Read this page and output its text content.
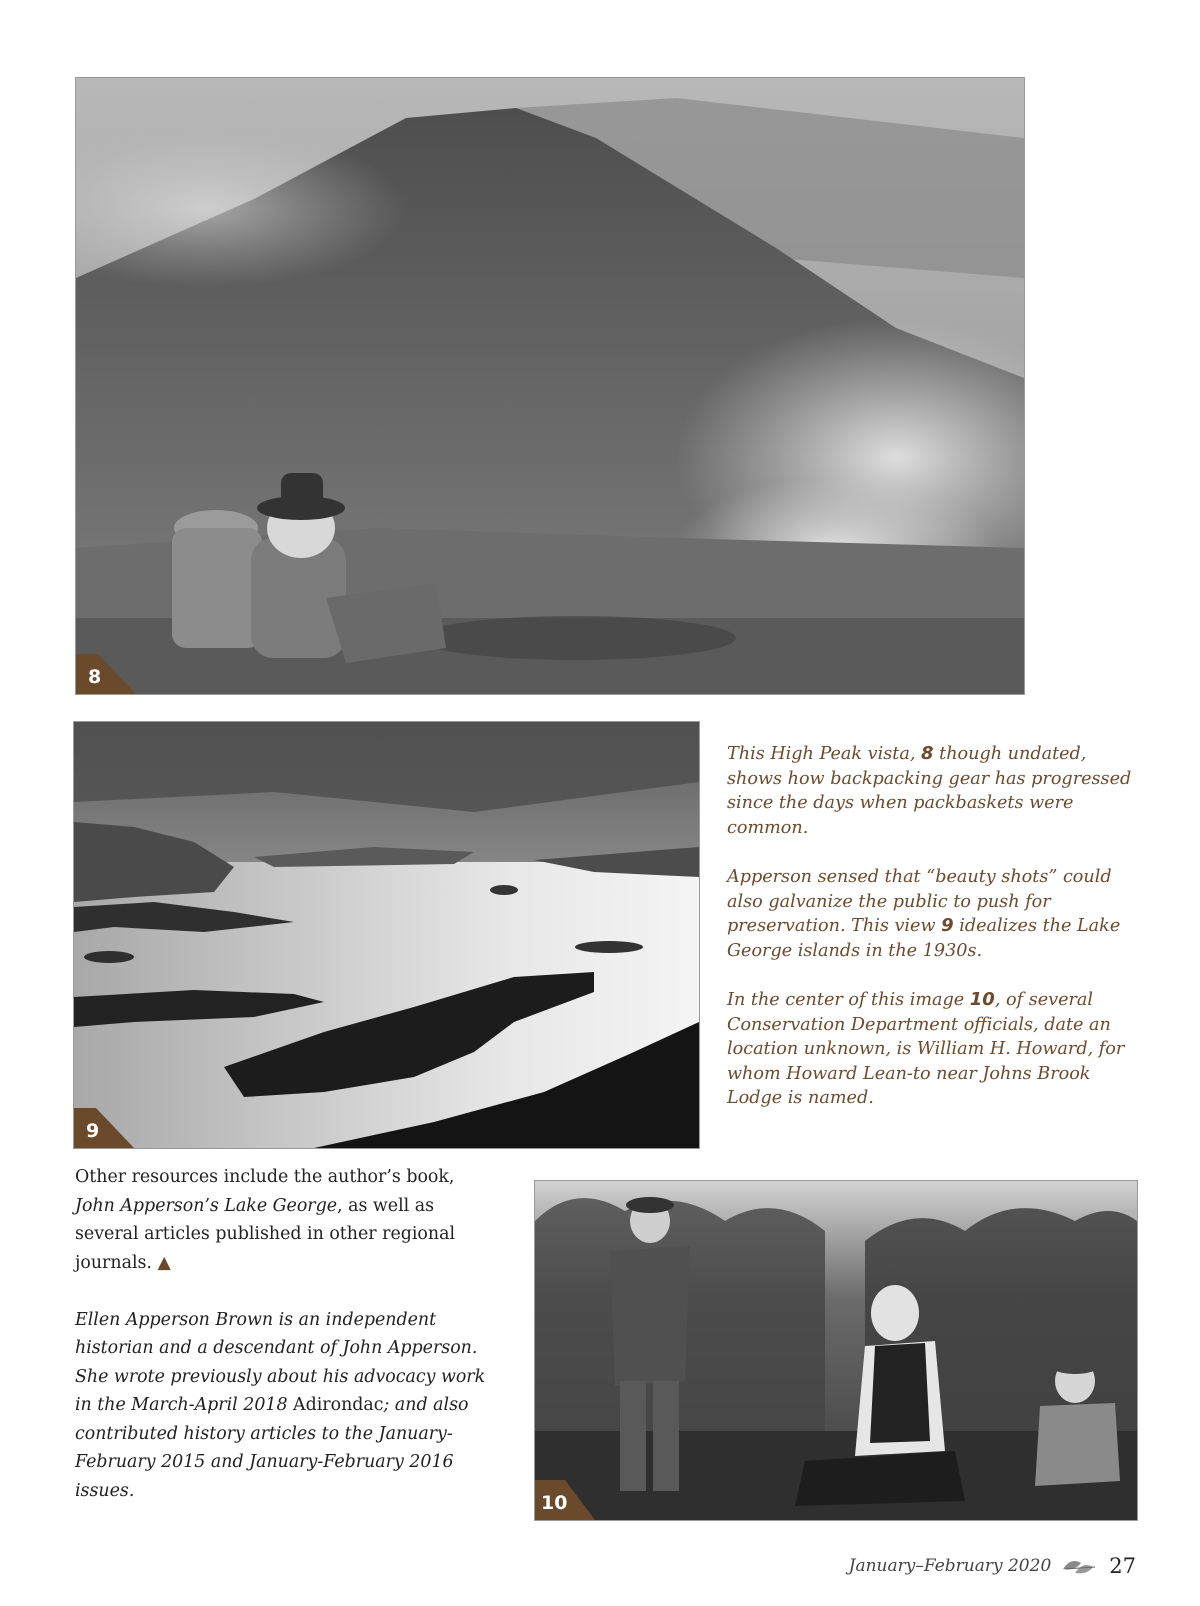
8
9

This High Peak vista, 8 though undated, shows how backpacking gear has progressed since the days when packbaskets were common.

Apperson sensed that “beauty shots” could also galvanize the public to push for preservation. This view 9 idealizes the Lake George islands in the 1930s.

In the center of this image 10, of several Conservation Department officials, date an location unknown, is William H. Howard, for whom Howard Lean-to near Johns Brook Lodge is named.

Other resources include the author’s book, John Apperson’s Lake George, as well as several articles published in other regional journals. ▲

Ellen Apperson Brown is an independent historian and a descendant of John Apperson. She wrote previously about his advocacy work in the March-April 2018 Adirondac; and also contributed history articles to the January-February 2015 and January-February 2016 issues.

10
January–February 2020	27
